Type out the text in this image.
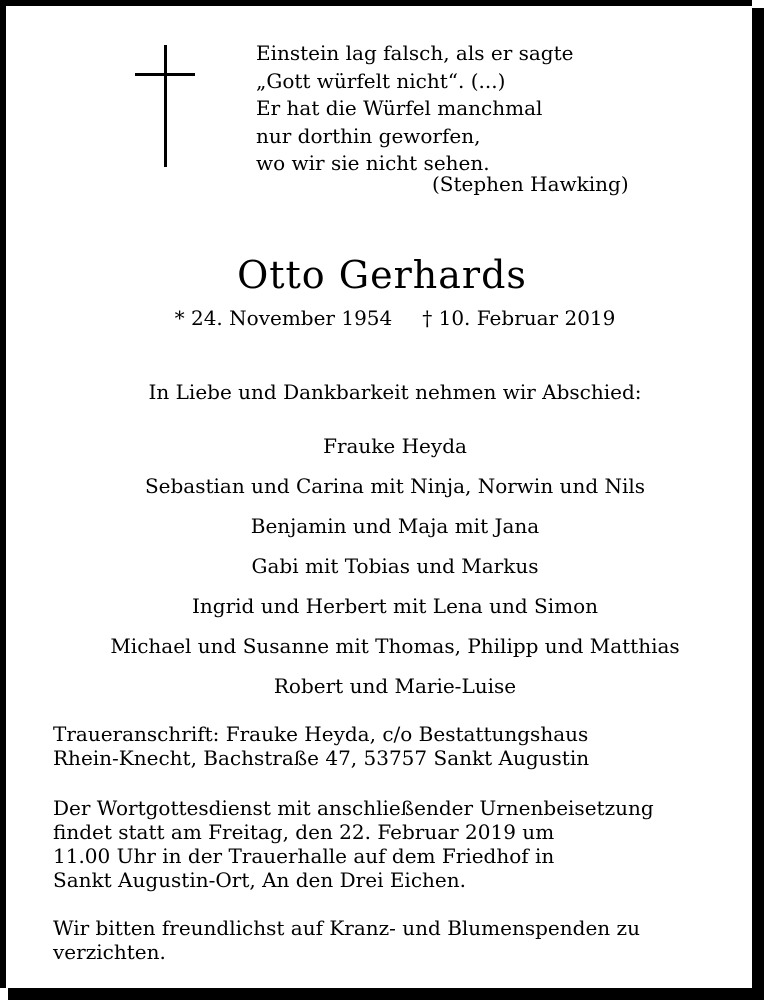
Einstein lag falsch, als er sagte
„Gott würfelt nicht“. (...)
Er hat die Würfel manchmal
nur dorthin geworfen,
wo wir sie nicht sehen.
(Stephen Hawking)
Otto Gerhards
* 24. November 1954 † 10. Februar 2019
In Liebe und Dankbarkeit nehmen wir Abschied:
Frauke Heyda
Sebastian und Carina mit Ninja, Norwin und Nils
Benjamin und Maja mit Jana
Gabi mit Tobias und Markus
Ingrid und Herbert mit Lena und Simon
Michael und Susanne mit Thomas, Philipp und Matthias
Robert und Marie-Luise
Traueranschrift: Frauke Heyda, c/o Bestattungshaus
Rhein-Knecht, Bachstraße 47, 53757 Sankt Augustin
Der Wortgottesdienst mit anschließender Urnenbeisetzung
findet statt am Freitag, den 22. Februar 2019 um
11.00 Uhr in der Trauerhalle auf dem Friedhof in
Sankt Augustin-Ort, An den Drei Eichen.
Wir bitten freundlichst auf Kranz- und Blumenspenden zu
verzichten.
